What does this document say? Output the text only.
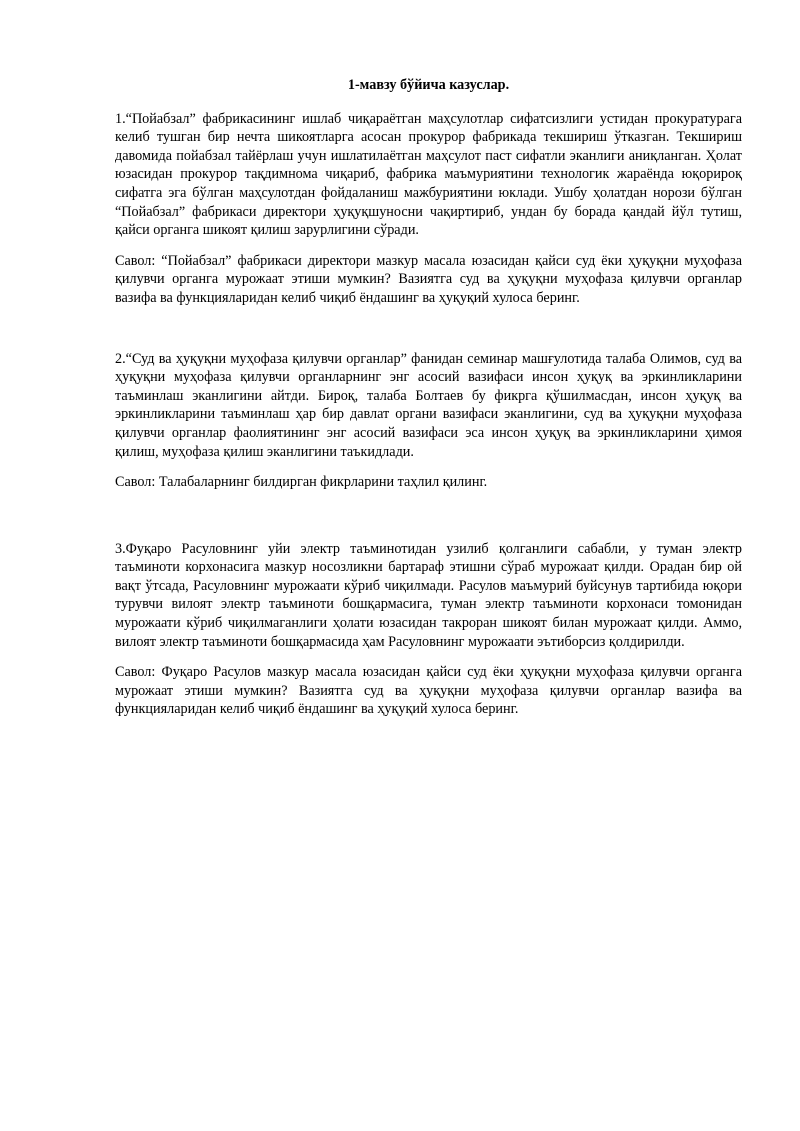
1-мавзу бўйича казуслар.

1.“Пойабзал” фабрикасининг ишлаб чиқараётган маҳсулотлар сифатсизлиги устидан прокуратурага келиб тушган бир нечта шикоятларга асосан прокурор фабрикада текшириш ўтказган. Текшириш давомида пойабзал тайёрлаш учун ишлатилаётган маҳсулот паст сифатли эканлиги аниқланган. Ҳолат юзасидан прокурор тақдимнома чиқариб, фабрика маъмуриятини технологик жараёнда юқорироқ сифатга эга бўлган маҳсулотдан фойдаланиш мажбуриятини юклади. Ушбу ҳолатдан норози бўлган “Пойабзал” фабрикаси директори ҳуқуқшуносни чақиртириб, ундан бу борада қандай йўл тутиш, қайси органга шикоят қилиш зарурлигини сўради.

Савол: “Пойабзал” фабрикаси директори мазкур масала юзасидан қайси суд ёки ҳуқуқни муҳофаза қилувчи органга мурожаат этиши мумкин? Вазиятга суд ва ҳуқуқни муҳофаза қилувчи органлар вазифа ва функцияларидан келиб чиқиб ёндашинг ва ҳуқуқий хулоса беринг.

2.“Суд ва ҳуқуқни муҳофаза қилувчи органлар” фанидан семинар машғулотида талаба Олимов, суд ва ҳуқуқни муҳофаза қилувчи органларнинг энг асосий вазифаси инсон ҳуқуқ ва эркинликларини таъминлаш эканлигини айтди. Бироқ, талаба Болтаев бу фикрга қўшилмасдан, инсон ҳуқуқ ва эркинликларини таъминлаш ҳар бир давлат органи вазифаси эканлигини, суд ва ҳуқуқни муҳофаза қилувчи органлар фаолиятининг энг асосий вазифаси эса инсон ҳуқуқ ва эркинликларини ҳимоя қилиш, муҳофаза қилиш эканлигини таъкидлади.

Савол: Талабаларнинг билдирган фикрларини таҳлил қилинг.

3.Фуқаро Расуловнинг уйи электр таъминотидан узилиб қолганлиги сабабли, у туман электр таъминоти корхонасига мазкур носозликни бартараф этишни сўраб мурожаат қилди. Орадан бир ой вақт ўтсада, Расуловнинг мурожаати кўриб чиқилмади. Расулов маъмурий буйсунув тартибида юқори турувчи вилоят электр таъминоти бошқармасига, туман электр таъминоти корхонаси томонидан мурожаати кўриб чиқилмаганлиги ҳолати юзасидан такроран шикоят билан мурожаат қилди. Аммо, вилоят электр таъминоти бошқармасида ҳам Расуловнинг мурожаати эътиборсиз қолдирилди.

Савол: Фуқаро Расулов мазкур масала юзасидан қайси суд ёки ҳуқуқни муҳофаза қилувчи органга мурожаат этиши мумкин? Вазиятга суд ва ҳуқуқни муҳофаза қилувчи органлар вазифа ва функцияларидан келиб чиқиб ёндашинг ва ҳуқуқий хулоса беринг.
